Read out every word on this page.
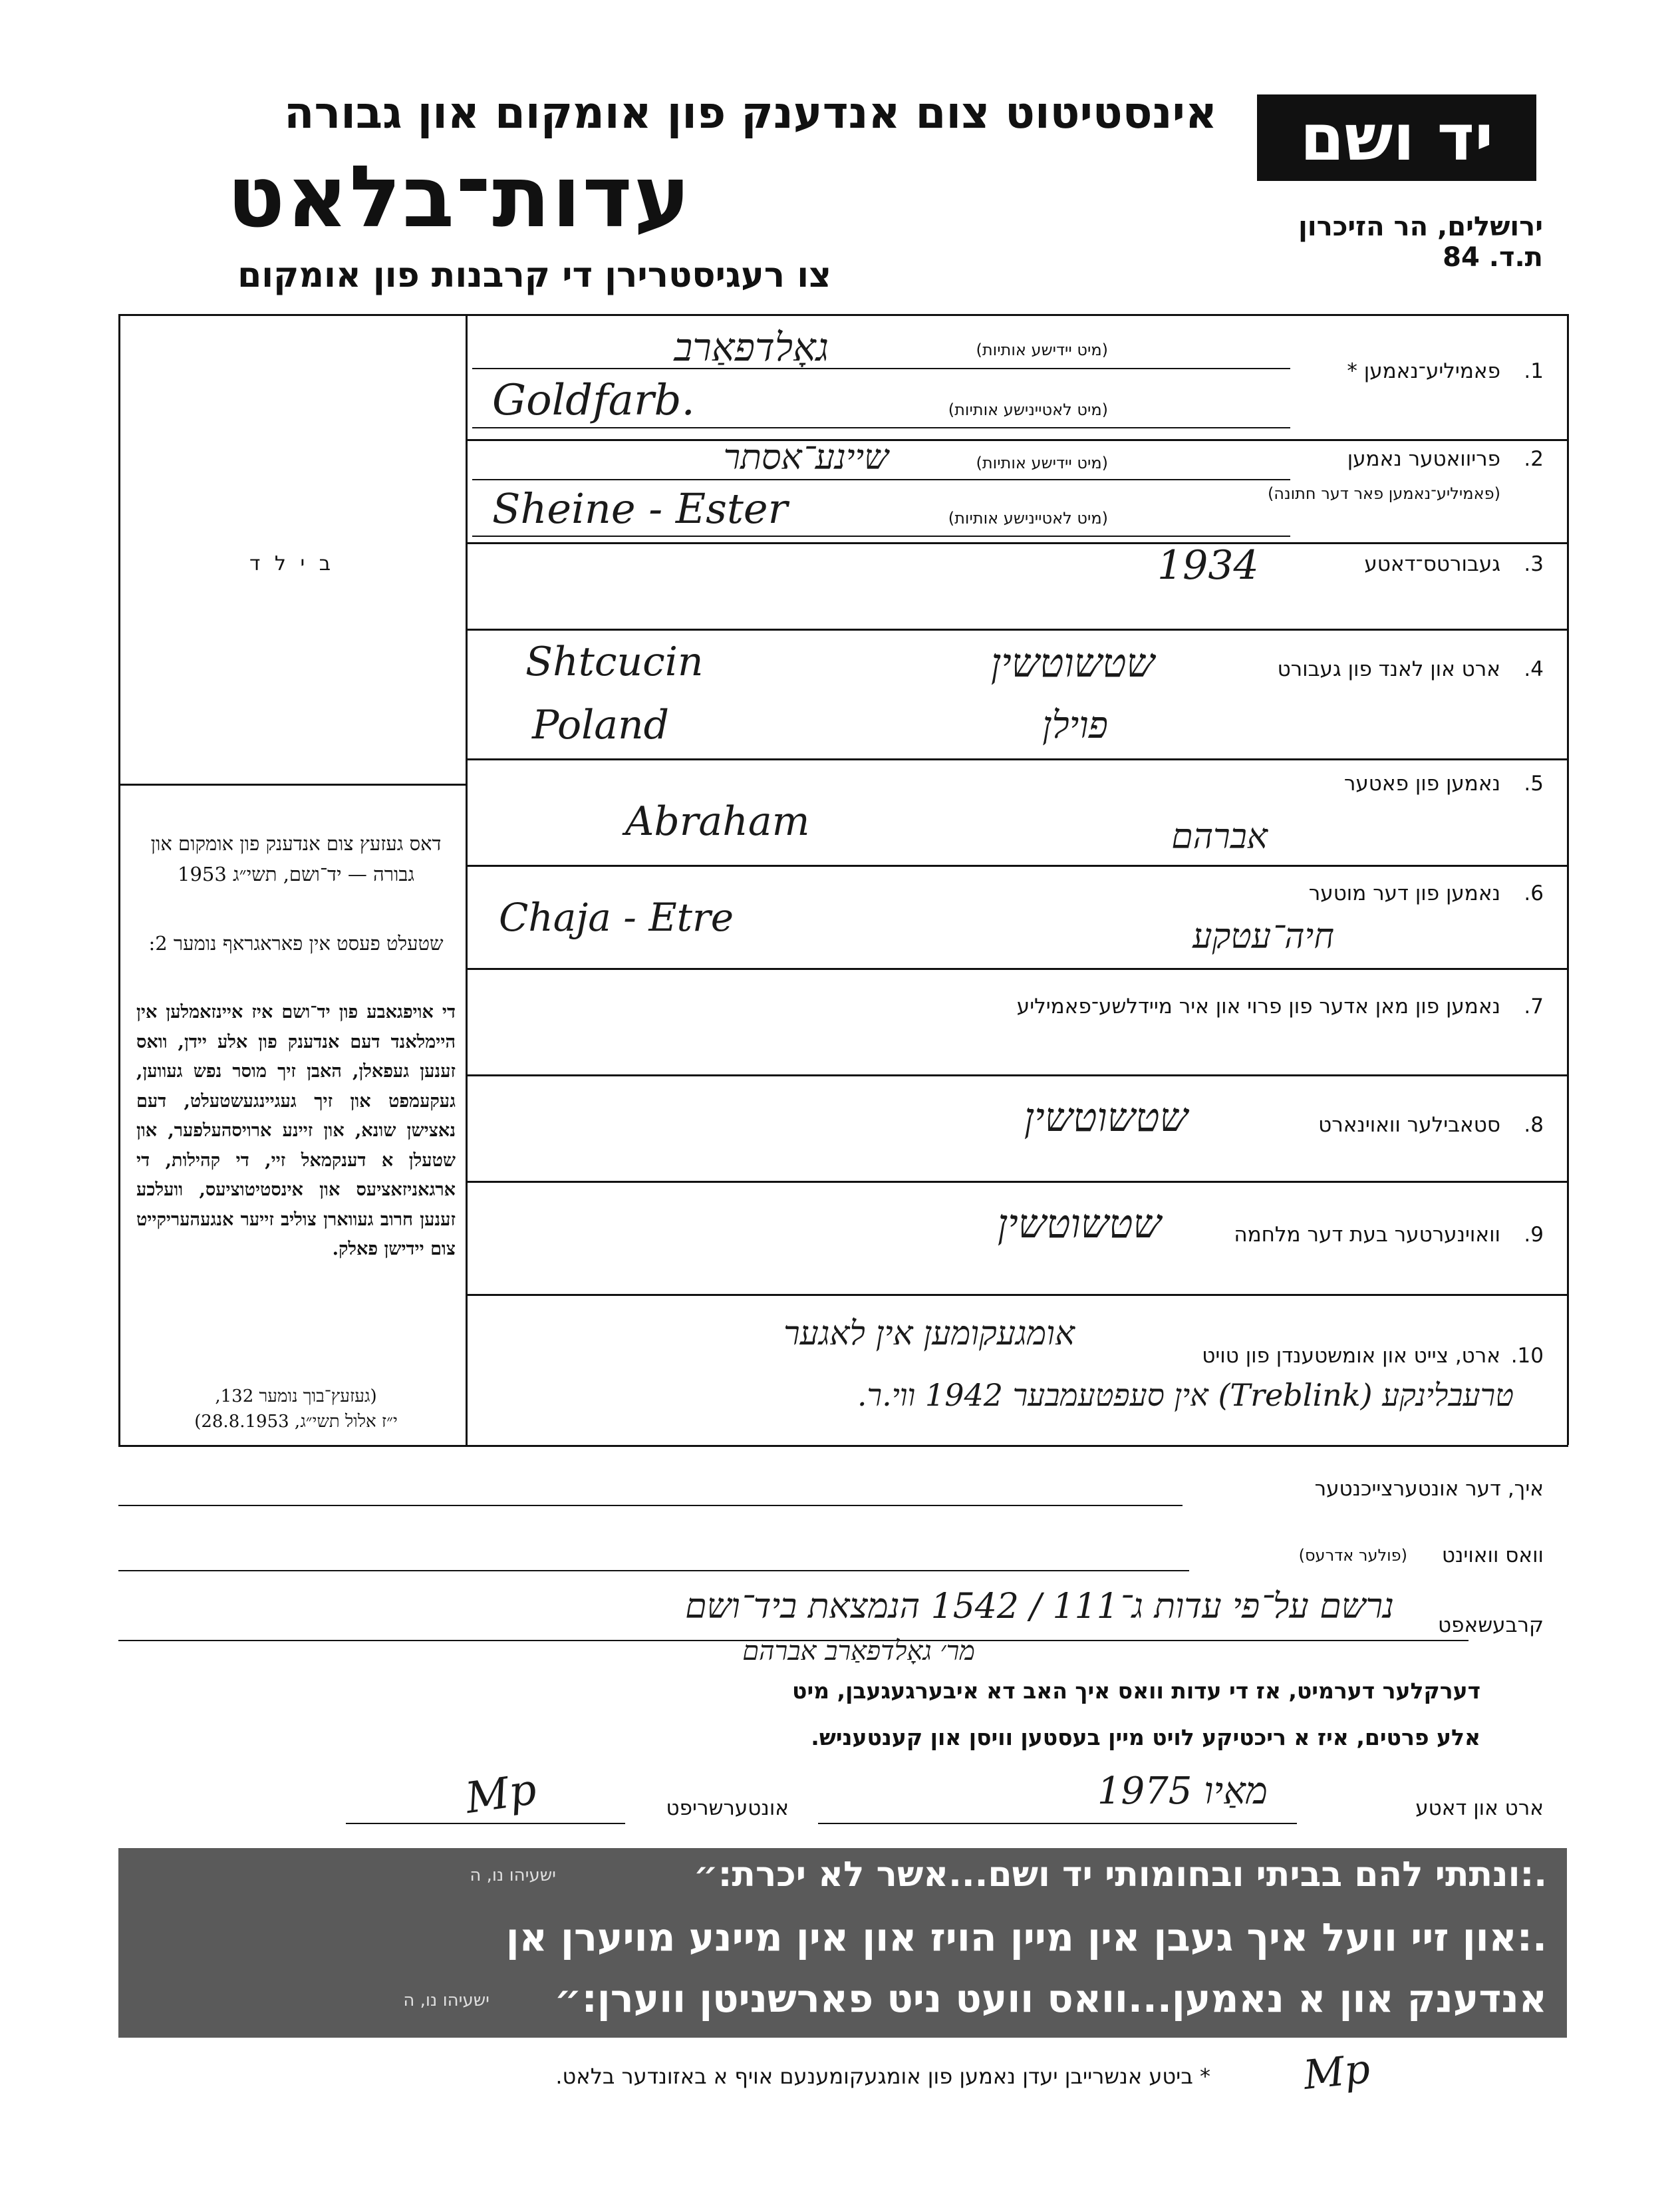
יד ושם
ירושלים, הר הזיכרון
ת.ד. 84
אינסטיטוט צום אנדענק פון אומקום און גבורה
עדות־בלאט
צו רעגיסטרירן די קרבנות פון אומקום
ב י ל ד
דאס געזעץ צום אנדענק פון אומקום און גבורה — יד־ושם, תשי״ג 1953
שטעלט פעסט אין פאראגראף נומער 2:
די אויפגאבע פון יד־ושם איז איינזאמלען אין היימלאנד דעם אנדענק פון אלע יידן, וואס זענען געפאלן, האבן זיך מוסר נפש געווען, געקעמפט און זיך געגיינגעשטעלט, דעם נאצישן שונא, און זיינע ארויסהעלפער, און שטעלן א דענקמאל זיי, די קהילות, די ארגאניזאציעס און אינסטיטוציעס, וועלכע זענען חרוב געווארן צוליב זייער אנגעהעריקייט צום יידישן פאלק.
(געזעץ־בוך נומער 132,
י״ז אלול תשי״ג, 28.8.1953)
1.
פאמיליע־נאמען *
(מיט יידישע אותיות)
(מיט לאטיינישע אותיות)
גאָלדפאַרב
Goldfarb.
2.
פריוואטער נאמען
(פאמיליע־נאמען פאר דער חתונה)
(מיט יידישע אותיות)
(מיט לאטיינישע אותיות)
שיינע־אסתר
Sheine - Ester
3.
געבורטס־דאטע
1934
4.
ארט און לאנד פון געבורט
שטשוטשין
Shtcucin
פוילן
Poland
5.
נאמען פון פאטער
Abraham	אברהם
6.
נאמען פון דער מוטער
Chaja - Etre	חיה־עטקע
7.
נאמען פון מאן אדער פון פרוי און איר מיידלשע־פאמיליע
8.
סטאבילער וואוינארט
שטשוטשין
9.
וואוינערטער בעת דער מלחמה
שטשוטשין
10.
ארט, צייט און אומשטענדן פון טויט
אומגעקומען אין לאגער
טרעבלינקע (Treblink) אין סעפטעמבער 1942 ווי.ר.
איך, דער אונטערצייכנטער
וואס וואוינט
(פולער אדרעס)
קרבעשאפט
נרשם על־פי עדות ג־111 / 1542 הנמצאת ביד־ושם
מר׳ גאָלדפאַרב אברהם
דערקלער דערמיט, אז די עדות וואס איך האב דא איבערגעגעבן, מיט
אלע פרטים, איז א ריכטיקע לויט מיין בעסטען וויסן און קענטעניש.
ארט און דאטע
מאַיו 1975
אונטערשריפט
Mp
.:ונתתי להם בביתי ובחומותי יד ושם...אשר לא יכרת:״
ישעיהו נו, ה
.:און זיי וועל איך געבן אין מיין הויז און אין מיינע מויערן אן
אנדענק און א נאמען...וואס וועט ניט פארשניטן ווערן:״
ישעיהו נו, ה
* ביטע אנשרייבן יעדן נאמען פון אומגעקומענעם אויף א באזונדער בלאט. Mp
